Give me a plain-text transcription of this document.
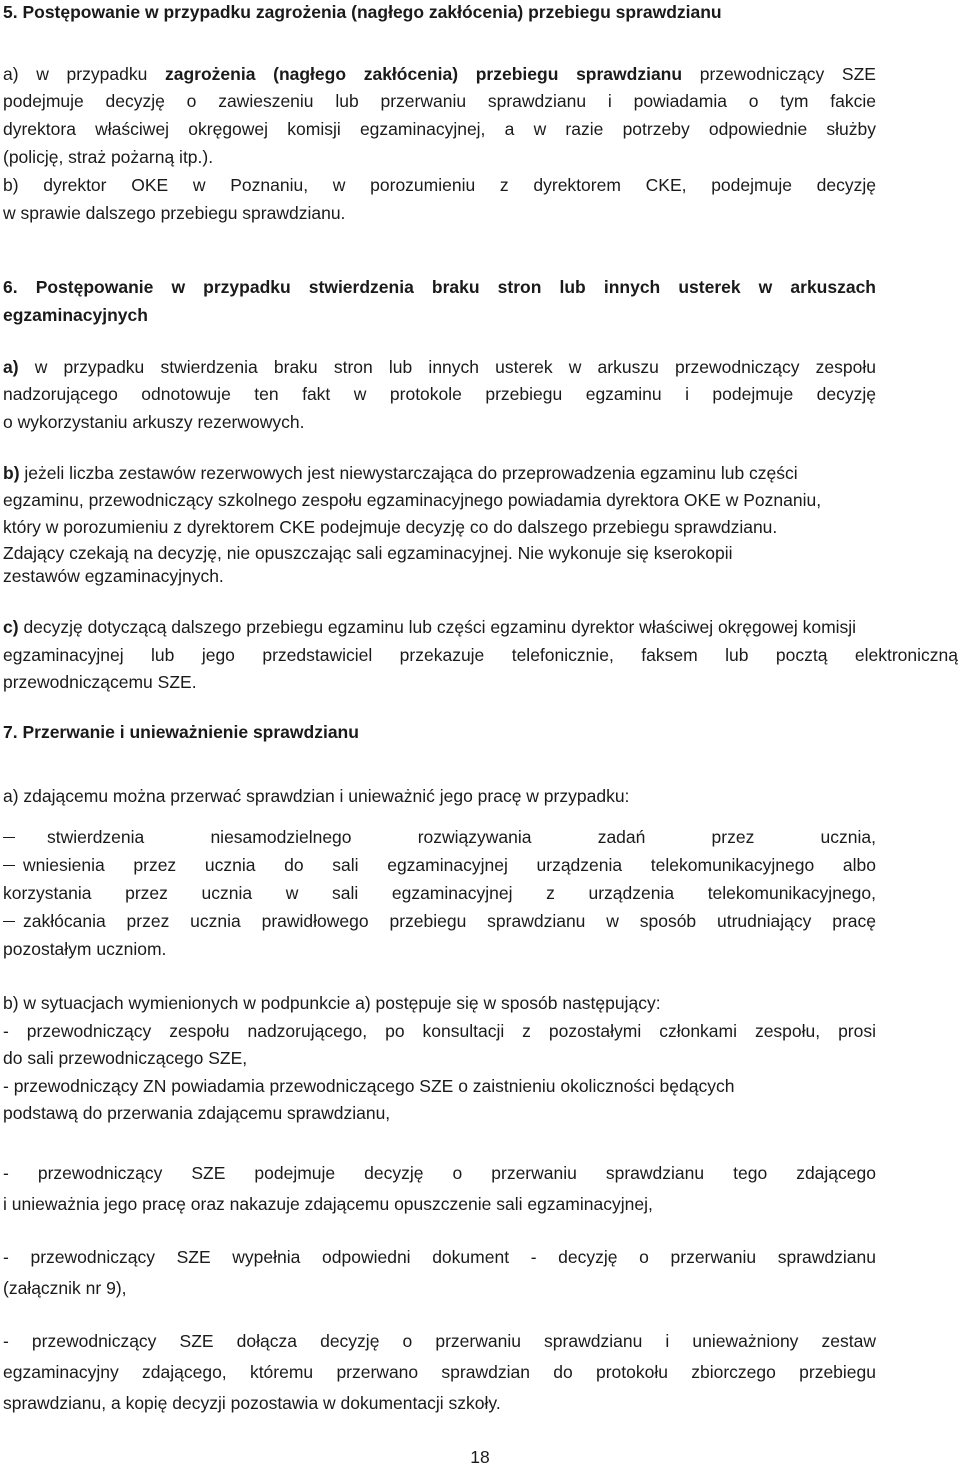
5. Postępowanie w przypadku zagrożenia (nagłego zakłócenia) przebiegu sprawdzianu
a) w przypadku zagrożenia (nagłego zakłócenia) przebiegu sprawdzianu przewodniczący SZE
podejmuje decyzję o zawieszeniu lub przerwaniu sprawdzianu i powiadamia o tym fakcie
dyrektora właściwej okręgowej komisji egzaminacyjnej, a w razie potrzeby odpowiednie służby
(policję, straż pożarną itp.).
b) dyrektor OKE w Poznaniu, w porozumieniu z dyrektorem CKE, podejmuje decyzję
w sprawie dalszego przebiegu sprawdzianu.
6. Postępowanie w przypadku stwierdzenia braku stron lub innych usterek w arkuszach
egzaminacyjnych
a) w przypadku stwierdzenia braku stron lub innych usterek w arkuszu przewodniczący zespołu
nadzorującego odnotowuje ten fakt w protokole przebiegu egzaminu i podejmuje decyzję
o wykorzystaniu arkuszy rezerwowych.
b) jeżeli liczba zestawów rezerwowych jest niewystarczająca do przeprowadzenia egzaminu lub części
egzaminu, przewodniczący szkolnego zespołu egzaminacyjnego powiadamia dyrektora OKE w Poznaniu,
który w porozumieniu z dyrektorem CKE podejmuje decyzję co do dalszego przebiegu sprawdzianu.
Zdający czekają na decyzję, nie opuszczając sali egzaminacyjnej. Nie wykonuje się kserokopii
zestawów egzaminacyjnych.
c) decyzję dotyczącą dalszego przebiegu egzaminu lub części egzaminu dyrektor właściwej okręgowej komisji
egzaminacyjnej lub jego przedstawiciel przekazuje telefonicznie, faksem lub pocztą elektroniczną
przewodniczącemu SZE.
7. Przerwanie i unieważnienie sprawdzianu
a) zdającemu można przerwać sprawdzian i unieważnić jego pracę w przypadku:
stwierdzenia niesamodzielnego rozwiązywania zadań przez ucznia,
wniesienia przez ucznia do sali egzaminacyjnej urządzenia telekomunikacyjnego albo
korzystania przez ucznia w sali egzaminacyjnej z urządzenia telekomunikacyjnego,
zakłócania przez ucznia prawidłowego przebiegu sprawdzianu w sposób utrudniający pracę
pozostałym uczniom.
b) w sytuacjach wymienionych w podpunkcie a) postępuje się w sposób następujący:
- przewodniczący zespołu nadzorującego, po konsultacji z pozostałymi członkami zespołu, prosi
do sali przewodniczącego SZE,
- przewodniczący ZN powiadamia przewodniczącego SZE o zaistnieniu okoliczności będących
podstawą do przerwania zdającemu sprawdzianu,
- przewodniczący SZE podejmuje decyzję o przerwaniu sprawdzianu tego zdającego
i unieważnia jego pracę oraz nakazuje zdającemu opuszczenie sali egzaminacyjnej,
- przewodniczący SZE wypełnia odpowiedni dokument - decyzję o przerwaniu sprawdzianu
(załącznik nr 9),
- przewodniczący SZE dołącza decyzję o przerwaniu sprawdzianu i unieważniony zestaw
egzaminacyjny zdającego, któremu przerwano sprawdzian do protokołu zbiorczego przebiegu
sprawdzianu, a kopię decyzji pozostawia w dokumentacji szkoły.
18
